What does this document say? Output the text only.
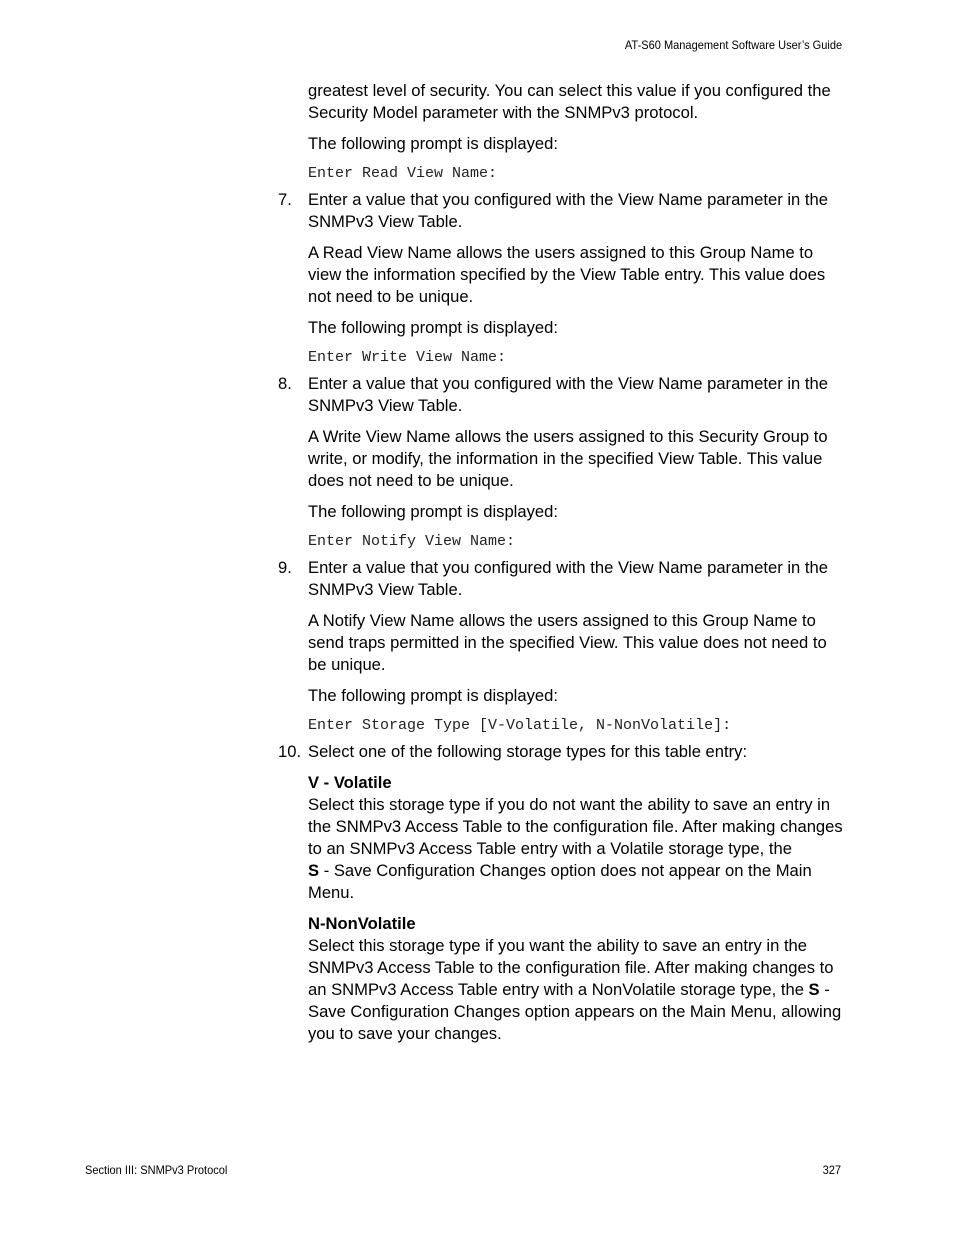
AT-S60 Management Software User’s Guide

greatest level of security. You can select this value if you configured the Security Model parameter with the SNMPv3 protocol.

The following prompt is displayed:

Enter Read View Name:
7. Enter a value that you configured with the View Name parameter in the SNMPv3 View Table.

A Read View Name allows the users assigned to this Group Name to view the information specified by the View Table entry. This value does not need to be unique.

The following prompt is displayed:

Enter Write View Name:
8. Enter a value that you configured with the View Name parameter in the SNMPv3 View Table.

A Write View Name allows the users assigned to this Security Group to write, or modify, the information in the specified View Table. This value does not need to be unique.

The following prompt is displayed:

Enter Notify View Name:
9. Enter a value that you configured with the View Name parameter in the SNMPv3 View Table.

A Notify View Name allows the users assigned to this Group Name to send traps permitted in the specified View. This value does not need to be unique.

The following prompt is displayed:

Enter Storage Type [V-Volatile, N-NonVolatile]:
10. Select one of the following storage types for this table entry:
V - Volatile
Select this storage type if you do not want the ability to save an entry in the SNMPv3 Access Table to the configuration file. After making changes to an SNMPv3 Access Table entry with a Volatile storage type, the
S - Save Configuration Changes option does not appear on the Main Menu.
N-NonVolatile
Select this storage type if you want the ability to save an entry in the SNMPv3 Access Table to the configuration file. After making changes to an SNMPv3 Access Table entry with a NonVolatile storage type, the S - Save Configuration Changes option appears on the Main Menu, allowing you to save your changes.
Section III: SNMPv3 Protocol	327
